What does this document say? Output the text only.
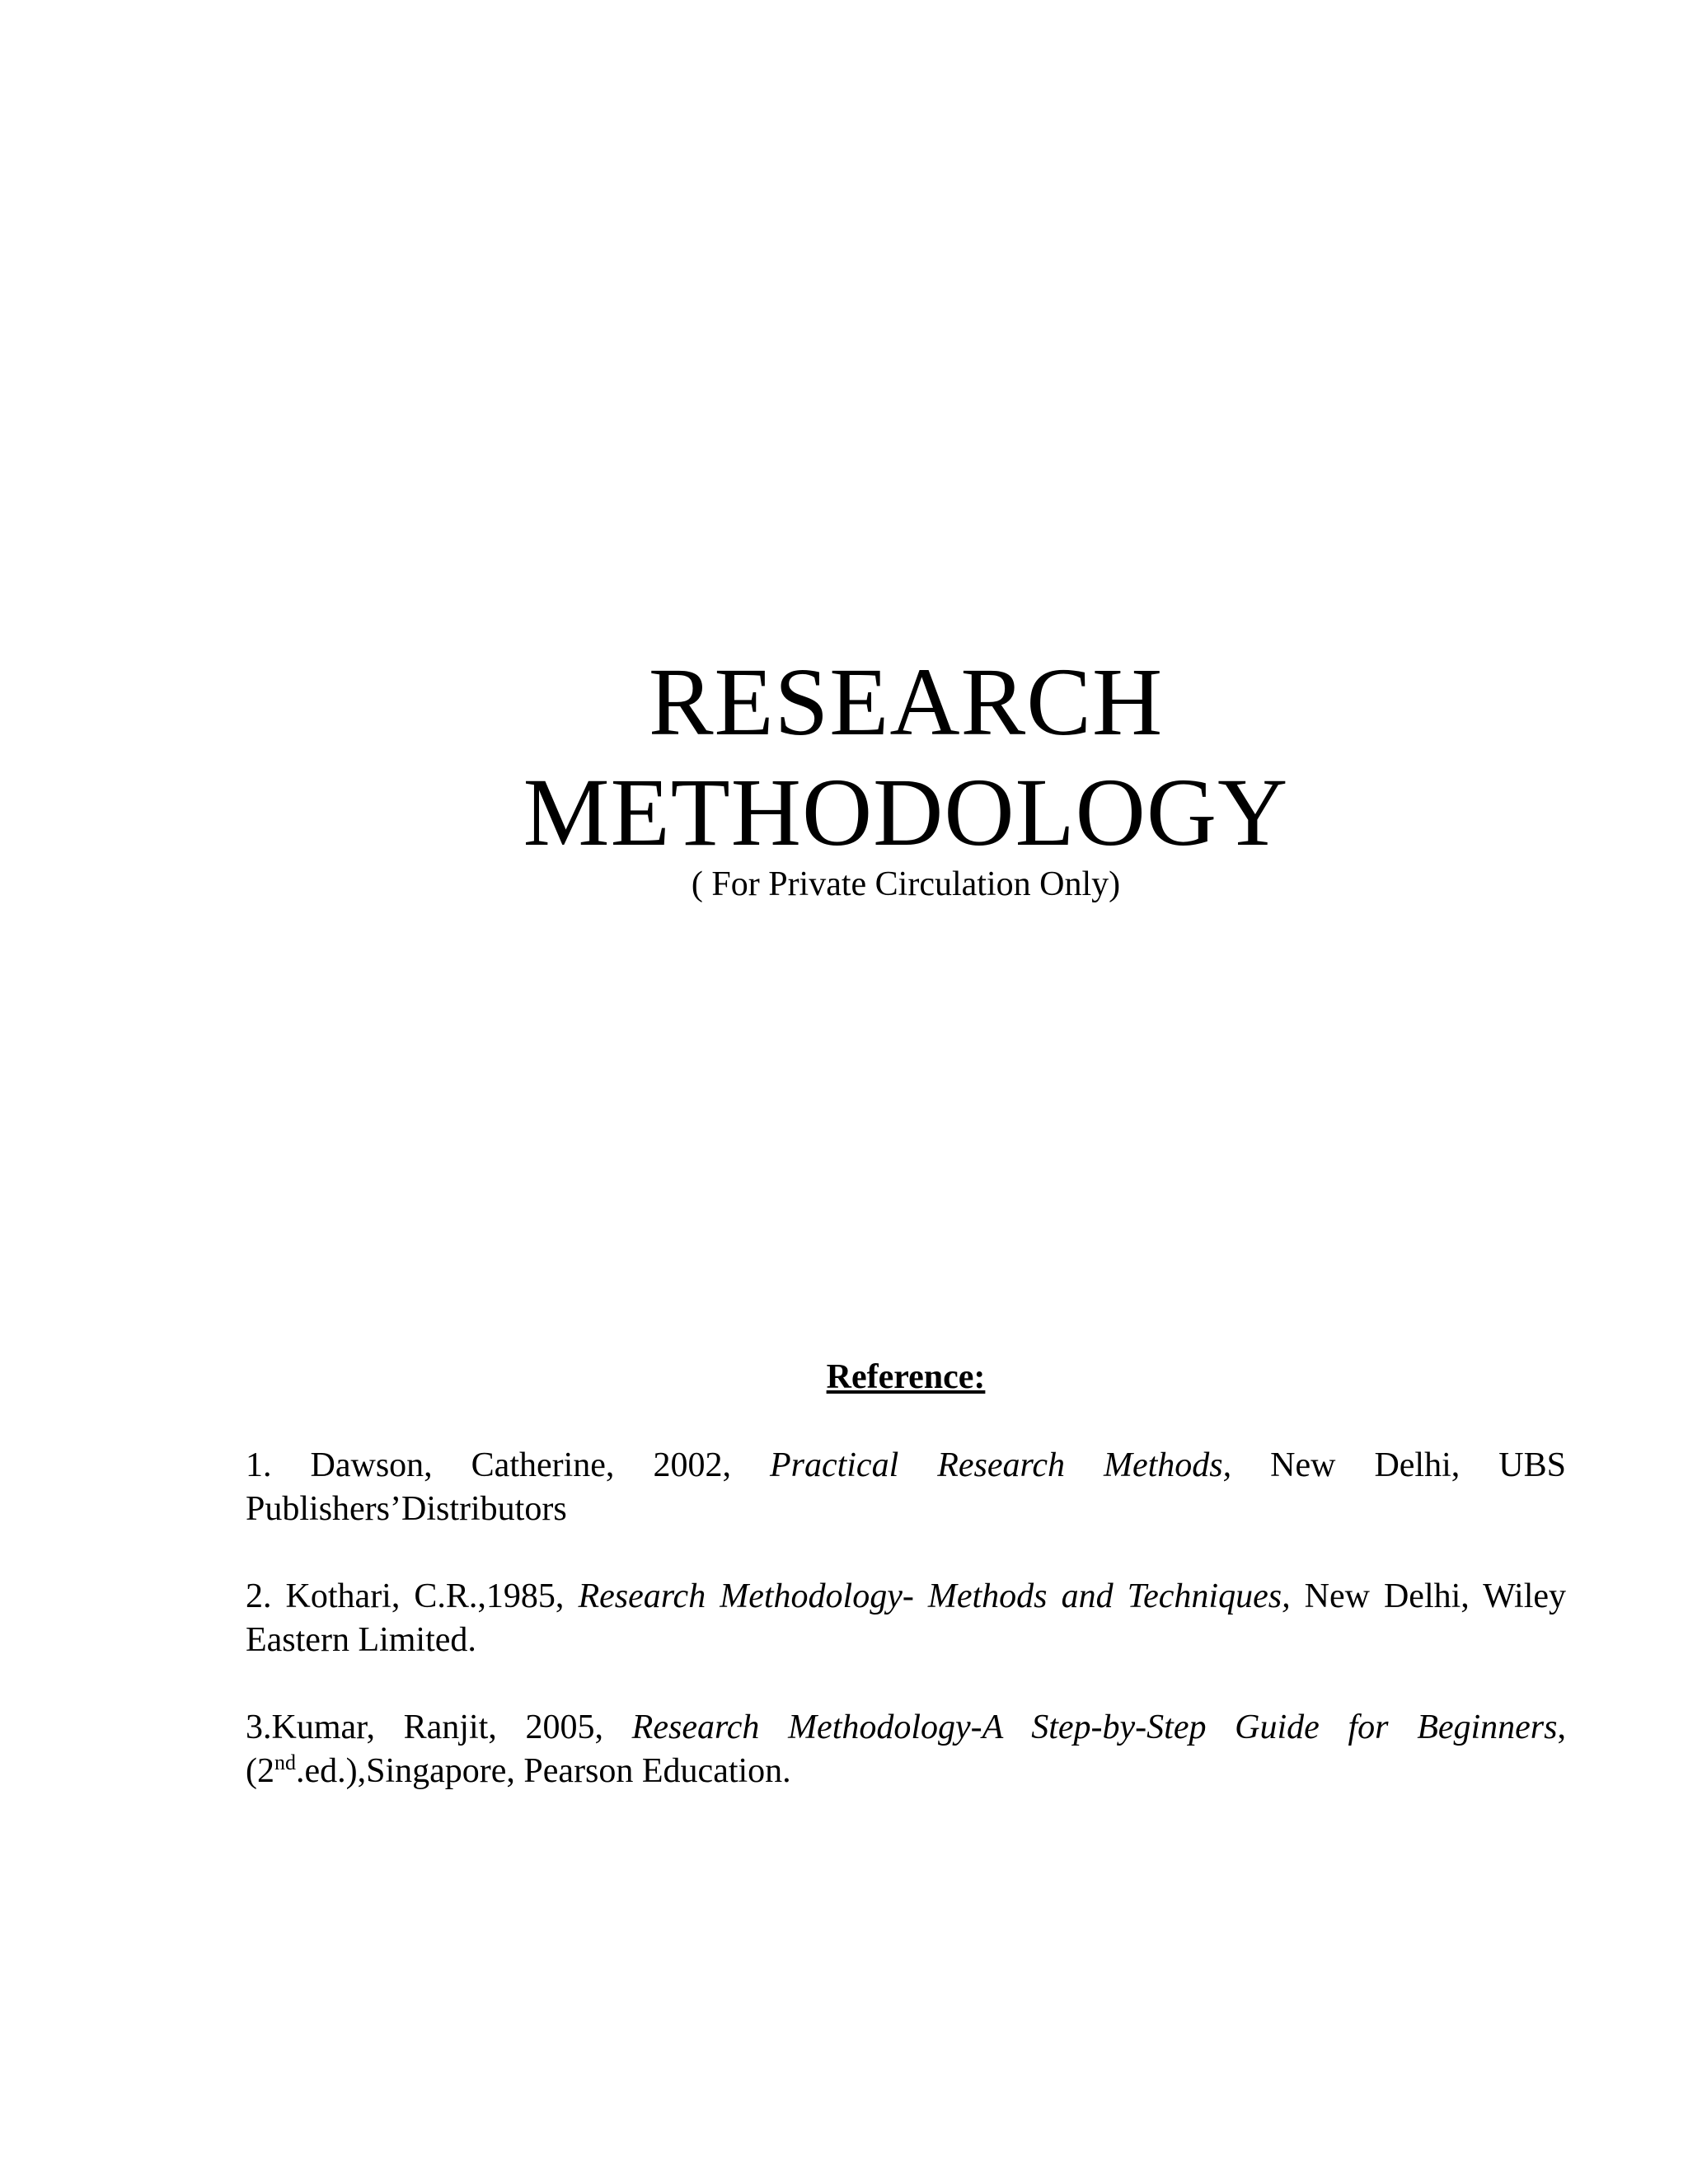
RESEARCH
METHODOLOGY
( For Private Circulation Only)
Reference:

1. Dawson, Catherine, 2002, Practical Research Methods, New Delhi, UBS Publishers’Distributors

2. Kothari, C.R.,1985, Research Methodology- Methods and Techniques, New Delhi, Wiley Eastern Limited.

3.Kumar, Ranjit, 2005, Research Methodology-A Step-by-Step Guide for Beginners,(2nd.ed.),Singapore, Pearson Education.
